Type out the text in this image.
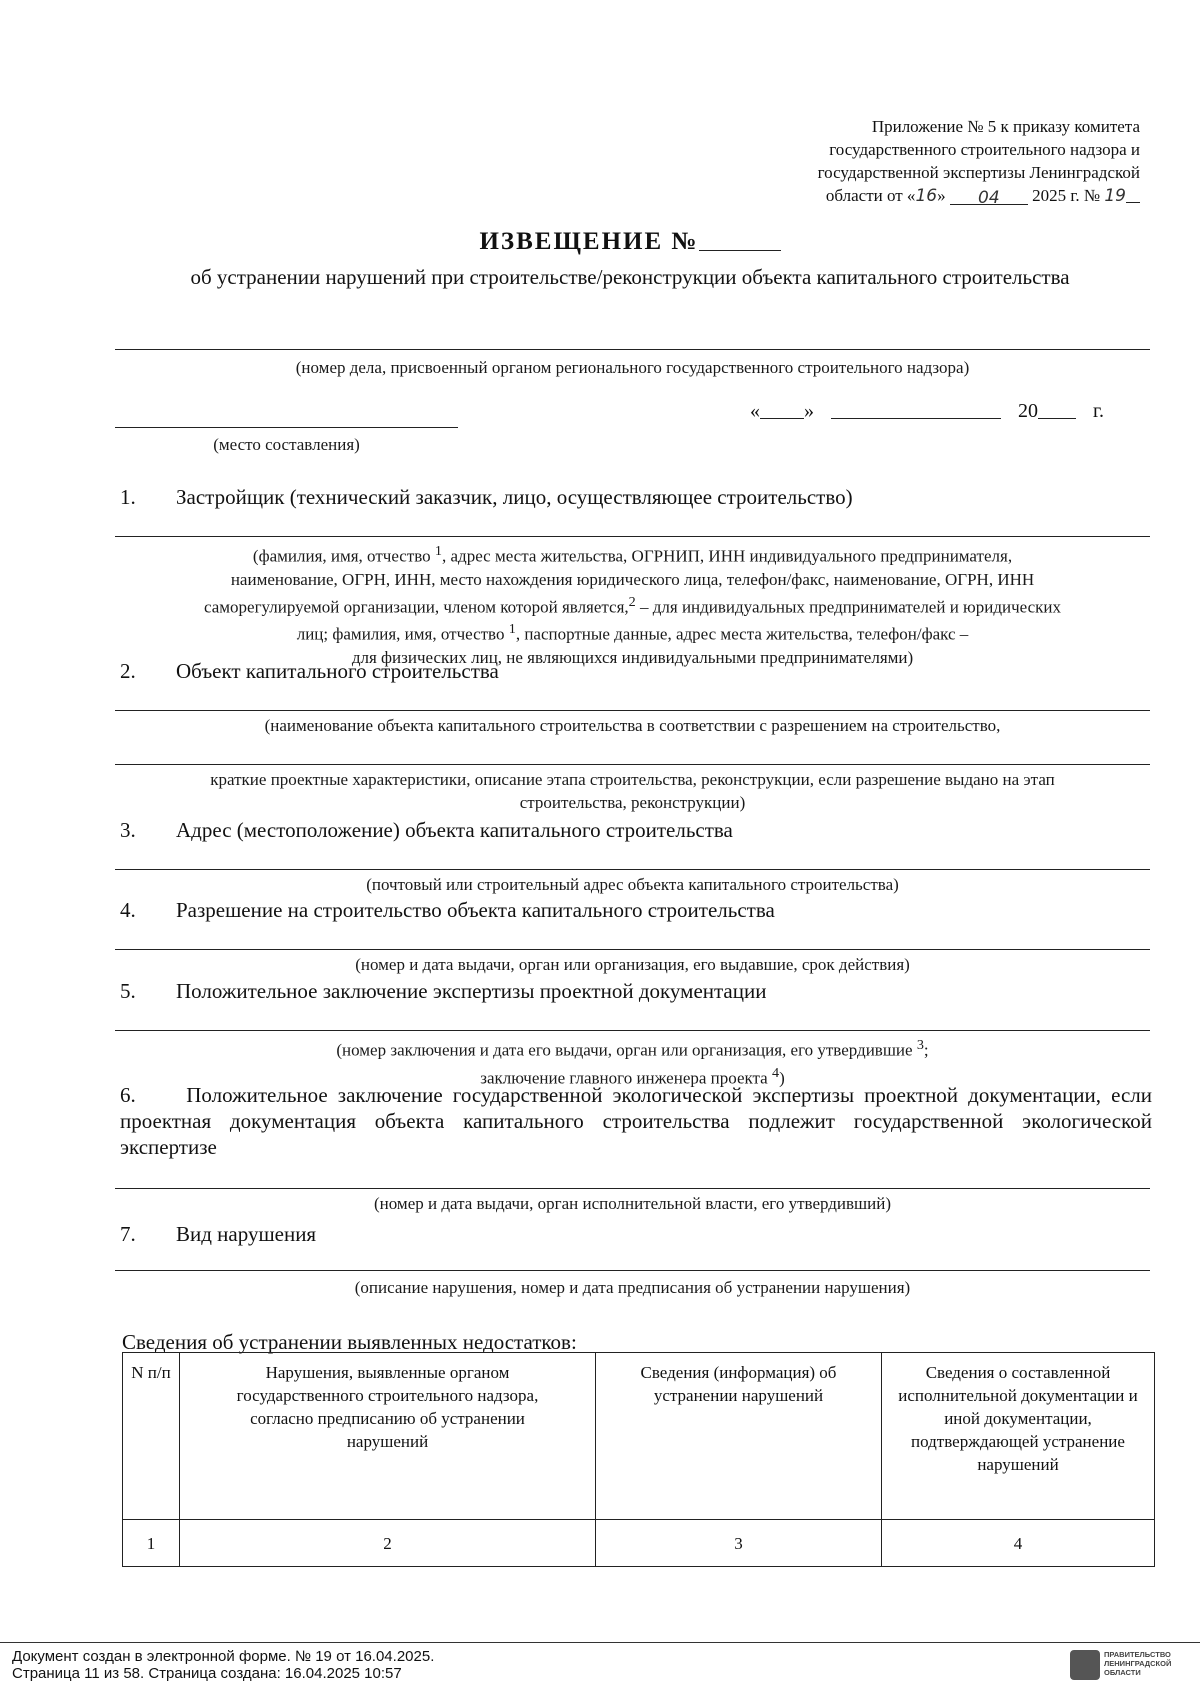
Приложение № 5 к приказу комитета
государственного строительного надзора и
государственной экспертизы Ленинградской
области от «16» 04 2025 г. № 19
ИЗВЕЩЕНИЕ №
об устранении нарушений при строительстве/реконструкции объекта капитального строительства
(номер дела, присвоенный органом регионального государственного строительного надзора)
(место составления)
« »	20	г.
1. Застройщик (технический заказчик, лицо, осуществляющее строительство)
(фамилия, имя, отчество $^1$, адрес места жительства, ОГРНИП, ИНН индивидуального предпринимателя,
наименование, ОГРН, ИНН, место нахождения юридического лица, телефон/факс, наименование, ОГРН, ИНН
саморегулируемой организации, членом которой является,$^2$ – для индивидуальных предпринимателей и юридических
лиц; фамилия, имя, отчество $^1$, паспортные данные, адрес места жительства, телефон/факс –
для физических лиц, не являющихся индивидуальными предпринимателями)
2. Объект капитального строительства
(наименование объекта капитального строительства в соответствии с разрешением на строительство,
краткие проектные характеристики, описание этапа строительства, реконструкции, если разрешение выдано на этап
строительства, реконструкции)
3. Адрес (местоположение) объекта капитального строительства
(почтовый или строительный адрес объекта капитального строительства)
4. Разрешение на строительство объекта капитального строительства
(номер и дата выдачи, орган или организация, его выдавшие, срок действия)
5. Положительное заключение экспертизы проектной документации
(номер заключения и дата его выдачи, орган или организация, его утвердившие $^3$;
заключение главного инженера проекта $^4$)
6. Положительное заключение государственной экологической экспертизы проектной документации, если проектная документация объекта капитального строительства подлежит государственной экологической экспертизе
(номер и дата выдачи, орган исполнительной власти, его утвердивший)
7. Вид нарушения
(описание нарушения, номер и дата предписания об устранении нарушения)
Сведения об устранении выявленных недостатков:
N п/п	Нарушения, выявленные органом государственного строительного надзора, согласно предписанию об устранении нарушений	Сведения (информация) об устранении нарушений	Сведения о составленной исполнительной документации и иной документации, подтверждающей устранение нарушений
1	2	3	4
Документ создан в электронной форме. № 19 от 16.04.2025.
Страница 11 из 58. Страница создана: 16.04.2025 10:57
ПРАВИТЕЛЬСТВО ЛЕНИНГРАДСКОЙ ОБЛАСТИ
